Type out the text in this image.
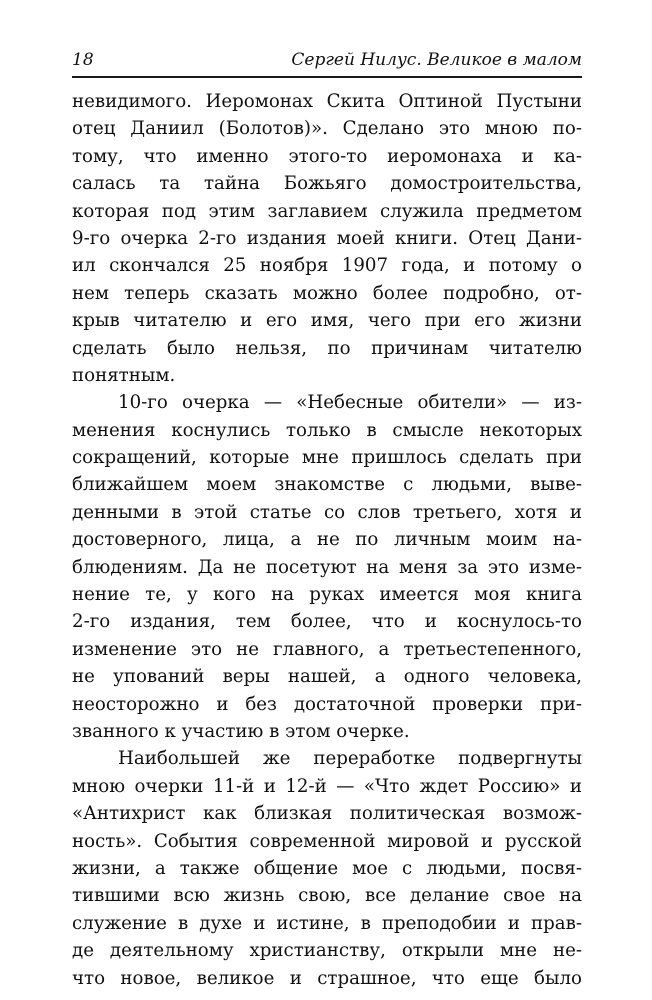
18	Сергей Нилус. Великое в малом
невидимого. Иеромонах Скита Оптиной Пустыни
отец Даниил (Болотов)». Сделано это мною по-
тому, что именно этого-то иеромонаха и ка-
салась та тайна Божьяго домостроительства,
которая под этим заглавием служила предметом
9-го очерка 2-го издания моей книги. Отец Дани-
ил скончался 25 ноября 1907 года, и потому о
нем теперь сказать можно более подробно, от-
крыв читателю и его имя, чего при его жизни
сделать было нельзя, по причинам читателю
понятным.
10-го очерка — «Небесные обители» — из-
менения коснулись только в смысле некоторых
сокращений, которые мне пришлось сделать при
ближайшем моем знакомстве с людьми, выве-
денными в этой статье со слов третьего, хотя и
достоверного, лица, а не по личным моим на-
блюдениям. Да не посетуют на меня за это изме-
нение те, у кого на руках имеется моя книга
2-го издания, тем более, что и коснулось-то
изменение это не главного, а третьестепенного,
не упований веры нашей, а одного человека,
неосторожно и без достаточной проверки при-
званного к участию в этом очерке.
Наибольшей же переработке подвергнуты
мною очерки 11-й и 12-й — «Что ждет Россию» и
«Антихрист как близкая политическая возмож-
ность». События современной мировой и русской
жизни, а также общение мое с людьми, посвя-
тившими всю жизнь свою, все делание свое на
служение в духе и истине, в преподобии и прав-
де деятельному христианству, открыли мне не-
что новое, великое и страшное, что еще было
